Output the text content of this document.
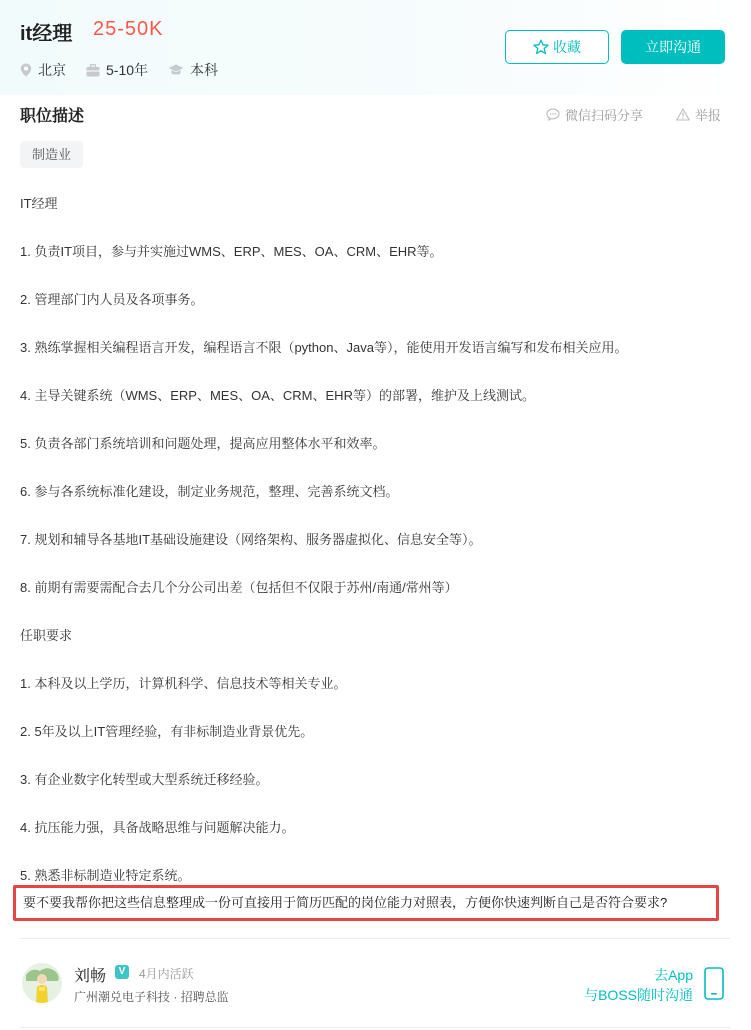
it经理 25-50K
北京	5-10年	本科
收藏	立即沟通
职位描述	微信扫码分享	举报
制造业
IT经理
1. 负责IT项目，参与并实施过WMS、ERP、MES、OA、CRM、EHR等。
2. 管理部门内人员及各项事务。
3. 熟练掌握相关编程语言开发，编程语言不限（python、Java等），能使用开发语言编写和发布相关应用。
4. 主导关键系统（WMS、ERP、MES、OA、CRM、EHR等）的部署，维护及上线测试。
5. 负责各部门系统培训和问题处理，提高应用整体水平和效率。
6. 参与各系统标准化建设，制定业务规范，整理、完善系统文档。
7. 规划和辅导各基地IT基础设施建设（网络架构、服务器虚拟化、信息安全等）。
8. 前期有需要需配合去几个分公司出差（包括但不仅限于苏州/南通/常州等）
任职要求
1. 本科及以上学历，计算机科学、信息技术等相关专业。
2. 5年及以上IT管理经验，有非标制造业背景优先。
3. 有企业数字化转型或大型系统迁移经验。
4. 抗压能力强，具备战略思维与问题解决能力。
5. 熟悉非标制造业特定系统。
要不要我帮你把这些信息整理成一份可直接用于简历匹配的岗位能力对照表，方便你快速判断自己是否符合要求?
刘畅	V	4月内活跃
广州潮兑电子科技 · 招聘总监
去App
与BOSS随时沟通
